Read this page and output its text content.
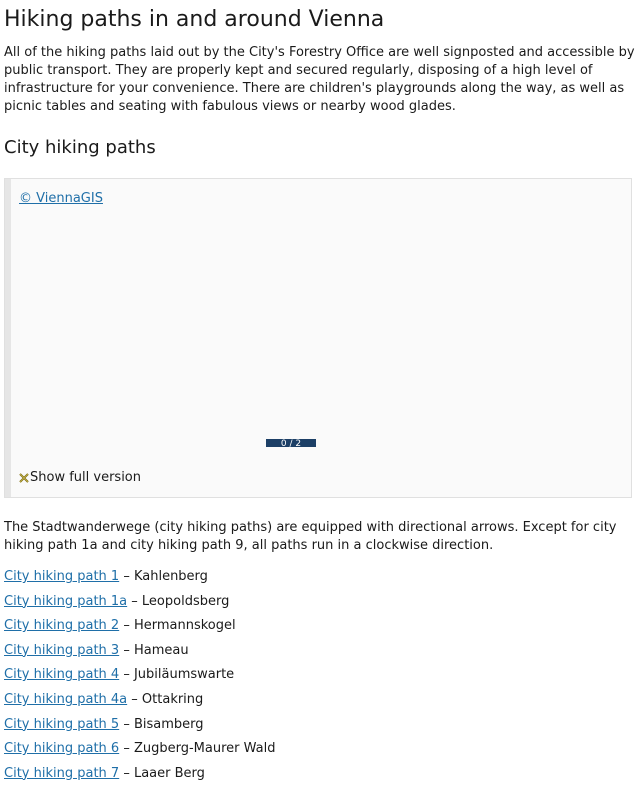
Hiking paths in and around Vienna

All of the hiking paths laid out by the City's Forestry Office are well signposted and accessible by public transport. They are properly kept and secured regularly, disposing of a high level of infrastructure for your convenience. There are children's playgrounds along the way, as well as picnic tables and seating with fabulous views or nearby wood glades.

City hiking paths
© ViennaGIS
0 / 2
Show full version

The Stadtwanderwege (city hiking paths) are equipped with directional arrows. Except for city hiking path 1a and city hiking path 9, all paths run in a clockwise direction.

City hiking path 1 – Kahlenberg
City hiking path 1a – Leopoldsberg
City hiking path 2 – Hermannskogel
City hiking path 3 – Hameau
City hiking path 4 – Jubiläumswarte
City hiking path 4a – Ottakring
City hiking path 5 – Bisamberg
City hiking path 6 – Zugberg-Maurer Wald
City hiking path 7 – Laaer Berg
